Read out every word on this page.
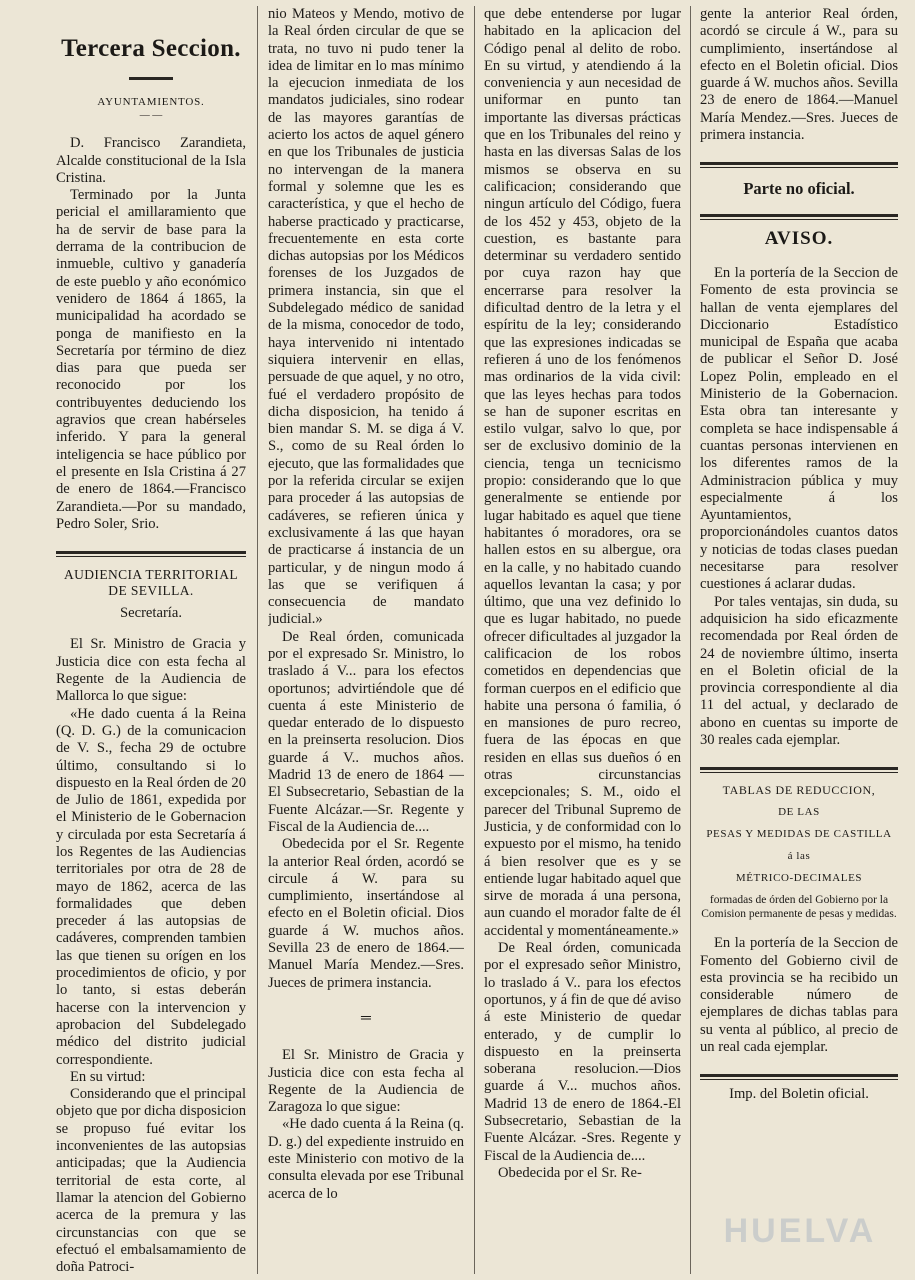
Tercera Seccion.
AYUNTAMIENTOS.
— —

D. Francisco Zarandieta, Alcalde constitucional de la Isla Cristina.

Terminado por la Junta pericial el amillaramiento que ha de servir de base para la derrama de la contribucion de inmueble, cultivo y ganadería de este pueblo y año económico venidero de 1864 á 1865, la municipalidad ha acordado se ponga de manifiesto en la Secretaría por término de diez dias para que pueda ser reconocido por los contribuyentes deduciendo los agravios que crean habérseles inferido. Y para la general inteligencia se hace público por el presente en Isla Cristina á 27 de enero de 1864.—Francisco Zarandieta.—Por su mandado, Pedro Soler, Srio.

AUDIENCIA TERRITORIAL DE SEVILLA.

Secretaría.

El Sr. Ministro de Gracia y Justicia dice con esta fecha al Regente de la Audiencia de Mallorca lo que sigue:

«He dado cuenta á la Reina (Q. D. G.) de la comunicacion de V. S., fecha 29 de octubre último, consultando si lo dispuesto en la Real órden de 20 de Julio de 1861, expedida por el Ministerio de le Gobernacion y circulada por esta Secretaría á los Regentes de las Audiencias territoriales por otra de 28 de mayo de 1862, acerca de las formalidades que deben preceder á las autopsias de cadáveres, comprenden tambien las que tienen su orígen en los procedimientos de oficio, y por lo tanto, si estas deberán hacerse con la intervencion y aprobacion del Subdelegado médico del distrito judicial correspondiente.

En su virtud:

Considerando que el principal objeto que por dicha disposicion se propuso fué evitar los inconvenientes de las autopsias anticipadas; que la Audiencia territorial de esta corte, al llamar la atencion del Gobierno acerca de la premura y las circunstancias con que se efectuó el embalsamamiento de doña Patroci-

nio Mateos y Mendo, motivo de la Real órden circular de que se trata, no tuvo ni pudo tener la idea de limitar en lo mas mínimo la ejecucion inmediata de los mandatos judiciales, sino rodear de las mayores garantías de acierto los actos de aquel género en que los Tribunales de justicia no intervengan de la manera formal y solemne que les es característica, y que el hecho de haberse practicado y practicarse, frecuentemente en esta corte dichas autopsias por los Médicos forenses de los Juzgados de primera instancia, sin que el Subdelegado médico de sanidad de la misma, conocedor de todo, haya intervenido ni intentado siquiera intervenir en ellas, persuade de que aquel, y no otro, fué el verdadero propósito de dicha disposicion, ha tenido á bien mandar S. M. se diga á V. S., como de su Real órden lo ejecuto, que las formalidades que por la referida circular se exijen para proceder á las autopsias de cadáveres, se refieren única y exclusivamente á las que hayan de practicarse á instancia de un particular, y de ningun modo á las que se verifiquen á consecuencia de mandato judicial.»

De Real órden, comunicada por el expresado Sr. Ministro, lo traslado á V... para los efectos oportunos; advirtiéndole que dé cuenta á este Ministerio de quedar enterado de lo dispuesto en la preinserta resolucion. Dios guarde á V.. muchos años. Madrid 13 de enero de 1864 — El Subsecretario, Sebastian de la Fuente Alcázar.—Sr. Regente y Fiscal de la Audiencia de....

Obedecida por el Sr. Regente la anterior Real órden, acordó se circule á W. para su cumplimiento, insertándose al efecto en el Boletin oficial. Dios guarde á W. muchos años. Sevilla 23 de enero de 1864.—Manuel María Mendez.—Sres. Jueces de primera instancia.

═

El Sr. Ministro de Gracia y Justicia dice con esta fecha al Regente de la Audiencia de Zaragoza lo que sigue:

«He dado cuenta á la Reina (q. D. g.) del expediente instruido en este Ministerio con motivo de la consulta elevada por ese Tribunal acerca de lo

que debe entenderse por lugar habitado en la aplicacion del Código penal al delito de robo. En su virtud, y atendiendo á la conveniencia y aun necesidad de uniformar en punto tan importante las diversas prácticas que en los Tribunales del reino y hasta en las diversas Salas de los mismos se observa en su calificacion; considerando que ningun artículo del Código, fuera de los 452 y 453, objeto de la cuestion, es bastante para determinar su verdadero sentido por cuya razon hay que encerrarse para resolver la dificultad dentro de la letra y el espíritu de la ley; considerando que las expresiones indicadas se refieren á uno de los fenómenos mas ordinarios de la vida civil: que las leyes hechas para todos se han de suponer escritas en estilo vulgar, salvo lo que, por ser de exclusivo dominio de la ciencia, tenga un tecnicismo propio: considerando que lo que generalmente se entiende por lugar habitado es aquel que tiene habitantes ó moradores, ora se hallen estos en su albergue, ora en la calle, y no habitado cuando aquellos levantan la casa; y por último, que una vez definido lo que es lugar habitado, no puede ofrecer dificultades al juzgador la calificacion de los robos cometidos en dependencias que forman cuerpos en el edificio que habite una persona ó familia, ó en mansiones de puro recreo, fuera de las épocas en que residen en ellas sus dueños ó en otras circunstancias excepcionales; S. M., oido el parecer del Tribunal Supremo de Justicia, y de conformidad con lo expuesto por el mismo, ha tenido á bien resolver que es y se entiende lugar habitado aquel que sirve de morada á una persona, aun cuando el morador falte de él accidental y momentáneamente.»

De Real órden, comunicada por el expresado señor Ministro, lo traslado á V.. para los efectos oportunos, y á fin de que dé aviso á este Ministerio de quedar enterado, y de cumplir lo dispuesto en la preinserta soberana resolucion.—Dios guarde á V... muchos años. Madrid 13 de enero de 1864.-El Subsecretario, Sebastian de la Fuente Alcázar. -Sres. Regente y Fiscal de la Audiencia de....

Obedecida por el Sr. Re-

gente la anterior Real órden, acordó se circule á W., para su cumplimiento, insertándose al efecto en el Boletin oficial. Dios guarde á W. muchos años. Sevilla 23 de enero de 1864.—Manuel María Mendez.—Sres. Jueces de primera instancia.

Parte no oficial.
AVISO.

En la portería de la Seccion de Fomento de esta provincia se hallan de venta ejemplares del Diccionario Estadístico municipal de España que acaba de publicar el Señor D. José Lopez Polin, empleado en el Ministerio de la Gobernacion. Esta obra tan interesante y completa se hace indispensable á cuantas personas intervienen en los diferentes ramos de la Administracion pública y muy especialmente á los Ayuntamientos, proporcionándoles cuantos datos y noticias de todas clases puedan necesitarse para resolver cuestiones á aclarar dudas.

Por tales ventajas, sin duda, su adquisicion ha sido eficazmente recomendada por Real órden de 24 de noviembre último, inserta en el Boletin oficial de la provincia correspondiente al dia 11 del actual, y declarado de abono en cuentas su importe de 30 reales cada ejemplar.

TABLAS DE REDUCCION,
DE LAS
PESAS Y MEDIDAS DE CASTILLA
á las
MÉTRICO-DECIMALES
formadas de órden del Gobierno por la Comision permanente de pesas y medidas.

En la portería de la Seccion de Fomento del Gobierno civil de esta provincia se ha recibido un considerable número de ejemplares de dichas tablas para su venta al público, al precio de un real cada ejemplar.

Imp. del Boletin oficial.
HUELVA
